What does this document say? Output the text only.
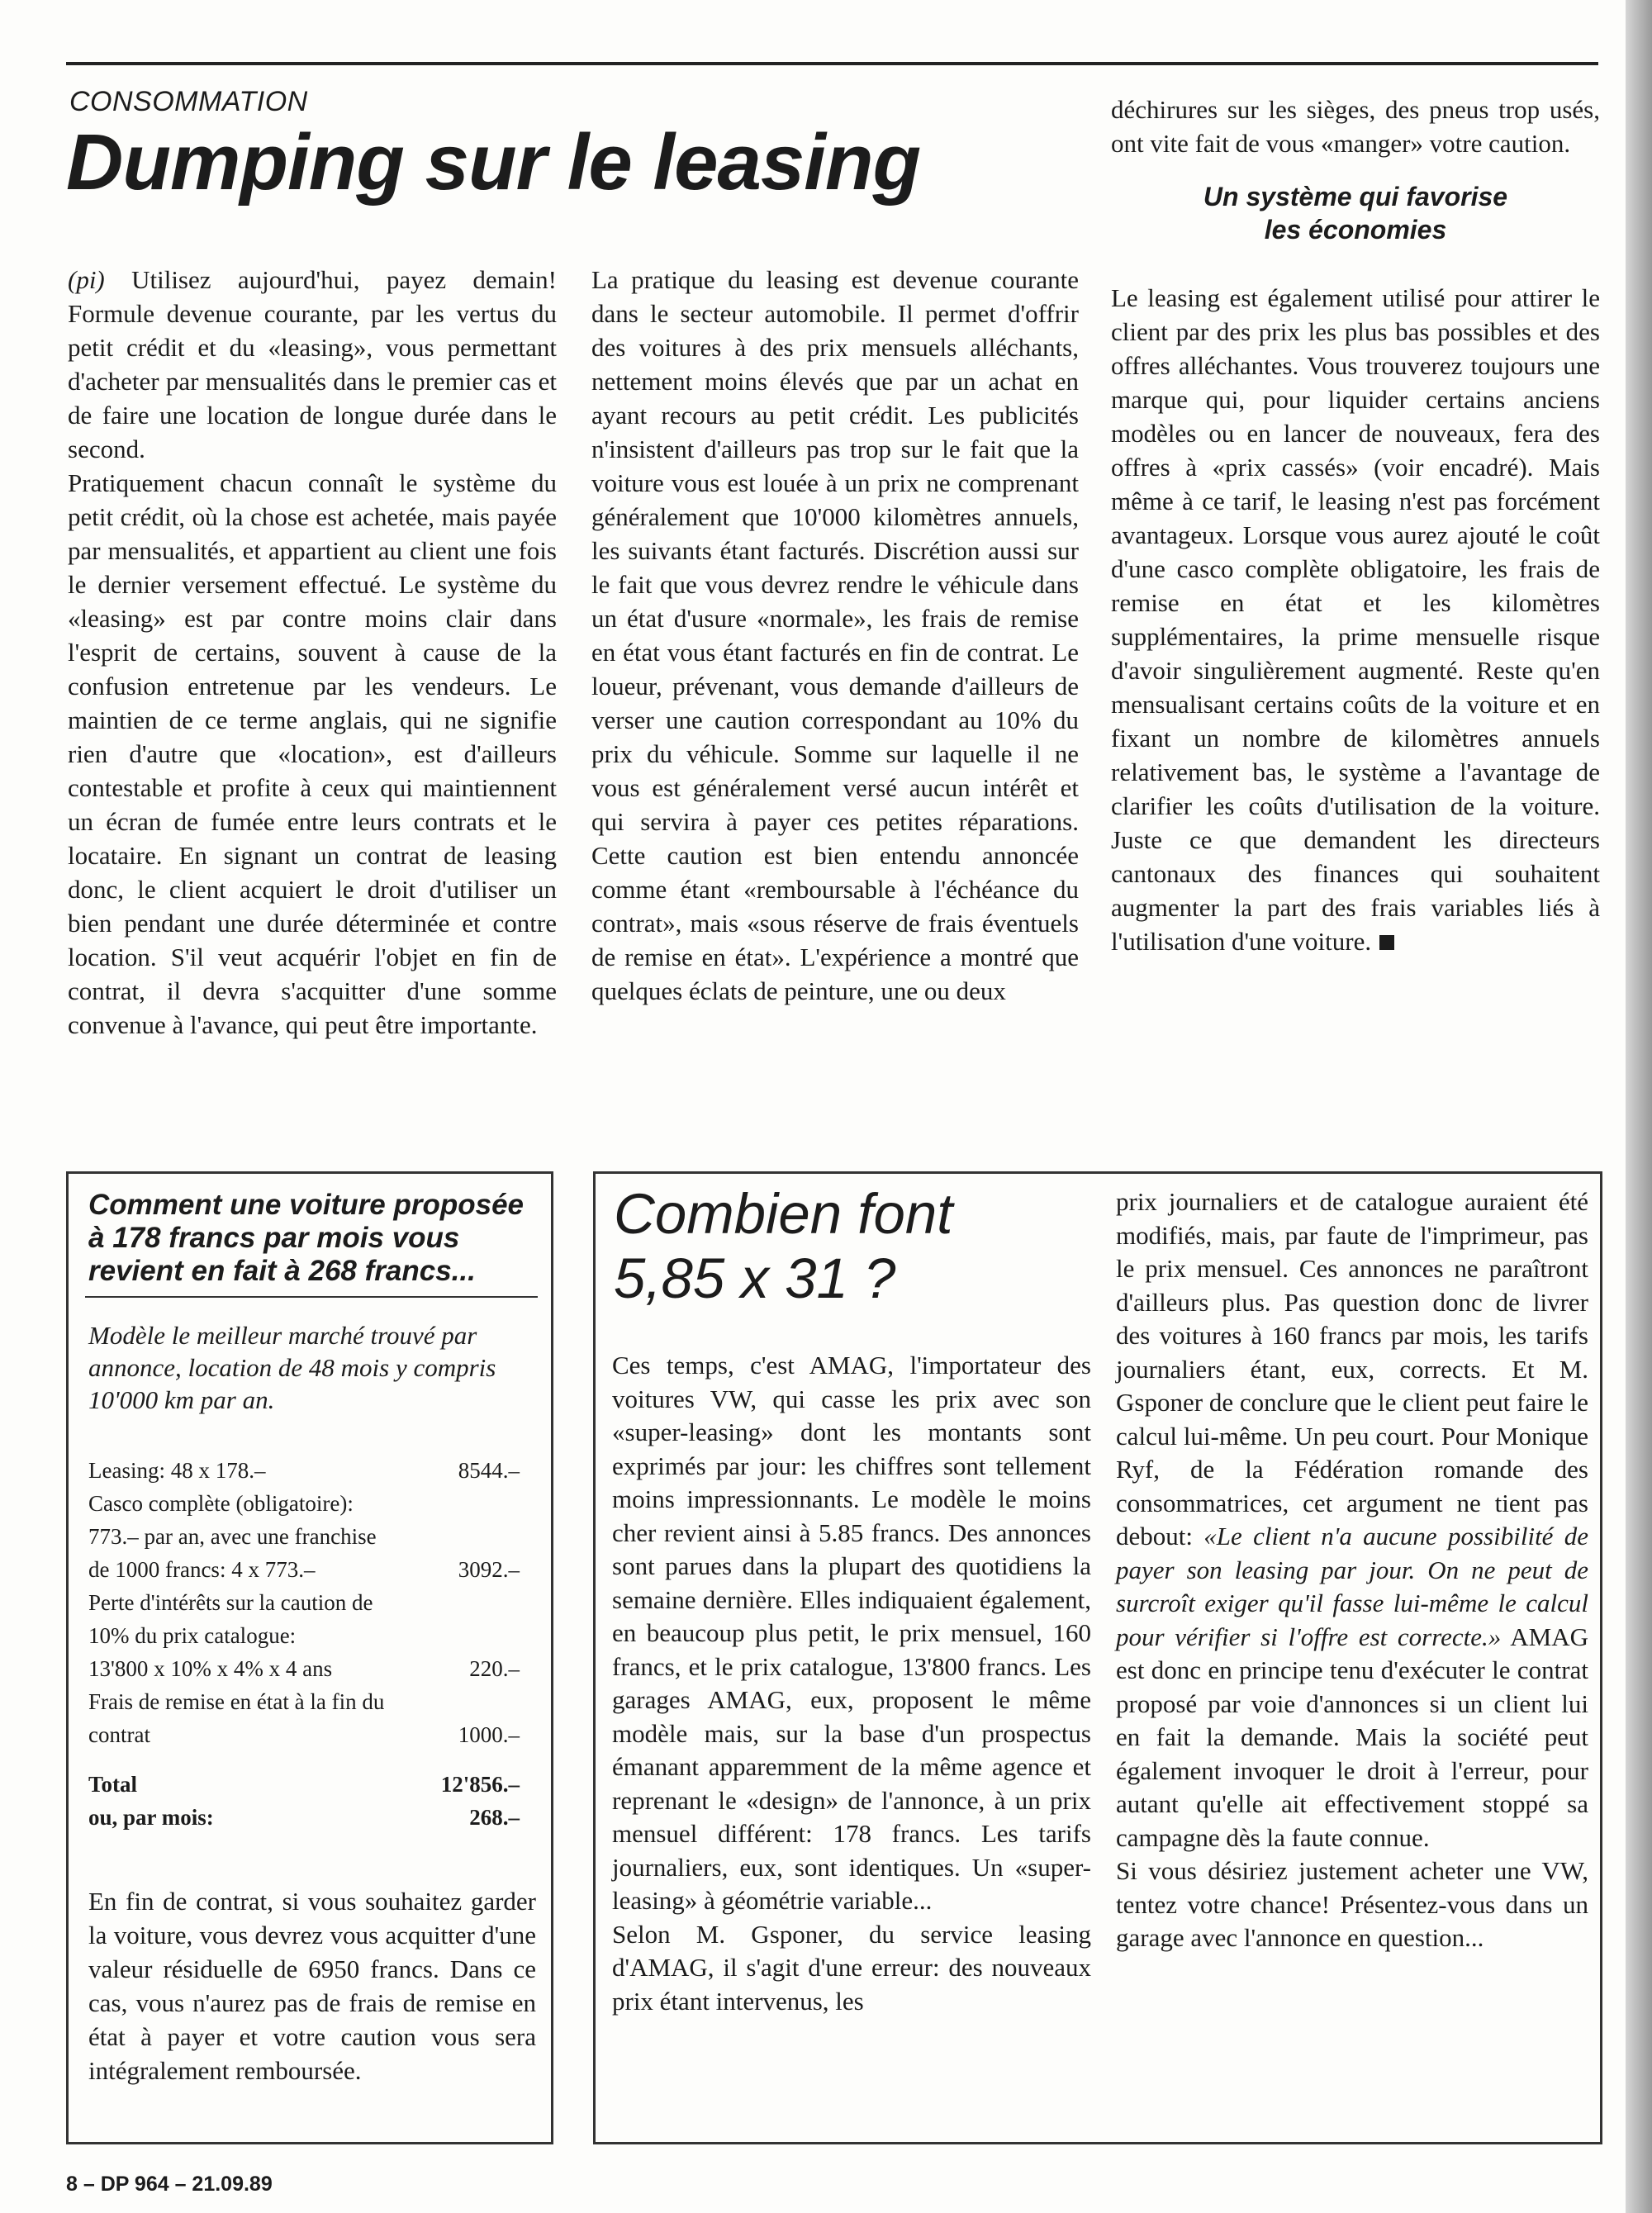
CONSOMMATION
Dumping sur le leasing

(pi) Utilisez aujourd'hui, payez demain! Formule devenue courante, par les vertus du petit crédit et du «leasing», vous permettant d'acheter par mensualités dans le premier cas et de faire une location de longue durée dans le second.

Pratiquement chacun connaît le système du petit crédit, où la chose est achetée, mais payée par mensualités, et appartient au client une fois le dernier versement effectué. Le système du «leasing» est par contre moins clair dans l'esprit de certains, souvent à cause de la confusion entretenue par les vendeurs. Le maintien de ce terme anglais, qui ne signifie rien d'autre que «location», est d'ailleurs contestable et profite à ceux qui maintiennent un écran de fumée entre leurs contrats et le locataire. En signant un contrat de leasing donc, le client acquiert le droit d'utiliser un bien pendant une durée déterminée et contre location. S'il veut acquérir l'objet en fin de contrat, il devra s'acquitter d'une somme convenue à l'avance, qui peut être importante.

La pratique du leasing est devenue courante dans le secteur automobile. Il permet d'offrir des voitures à des prix mensuels alléchants, nettement moins élevés que par un achat en ayant recours au petit crédit. Les publicités n'insistent d'ailleurs pas trop sur le fait que la voiture vous est louée à un prix ne comprenant généralement que 10'000 kilomètres annuels, les suivants étant facturés. Discrétion aussi sur le fait que vous devrez rendre le véhicule dans un état d'usure «normale», les frais de remise en état vous étant facturés en fin de contrat. Le loueur, prévenant, vous demande d'ailleurs de verser une caution correspondant au 10% du prix du véhicule. Somme sur laquelle il ne vous est généralement versé aucun intérêt et qui servira à payer ces petites réparations. Cette caution est bien entendu annoncée comme étant «remboursable à l'échéance du contrat», mais «sous réserve de frais éventuels de remise en état». L'expérience a montré que quelques éclats de peinture, une ou deux

déchirures sur les sièges, des pneus trop usés, ont vite fait de vous «manger» votre caution.

Un système qui favorise
les économies

Le leasing est également utilisé pour attirer le client par des prix les plus bas possibles et des offres alléchantes. Vous trouverez toujours une marque qui, pour liquider certains anciens modèles ou en lancer de nouveaux, fera des offres à «prix cassés» (voir encadré). Mais même à ce tarif, le leasing n'est pas forcément avantageux. Lorsque vous aurez ajouté le coût d'une casco complète obligatoire, les frais de remise en état et les kilomètres supplémentaires, la prime mensuelle risque d'avoir singulièrement augmenté. Reste qu'en mensualisant certains coûts de la voiture et en fixant un nombre de kilomètres annuels relativement bas, le système a l'avantage de clarifier les coûts d'utilisation de la voiture. Juste ce que demandent les directeurs cantonaux des finances qui souhaitent augmenter la part des frais variables liés à l'utilisation d'une voiture.

Comment une voiture proposée à 178 francs par mois vous revient en fait à 268 francs...
Modèle le meilleur marché trouvé par annonce, location de 48 mois y compris 10'000 km par an.
Leasing: 48 x 178.–	8544.–
Casco complète (obligatoire):
773.– par an, avec une franchise
de 1000 francs: 4 x 773.–	3092.–
Perte d'intérêts sur la caution de
10% du prix catalogue:
13'800 x 10% x 4% x 4 ans	220.–
Frais de remise en état à la fin du
contrat	1000.–
Total	12'856.–
ou, par mois:	268.–
En fin de contrat, si vous souhaitez garder la voiture, vous devrez vous acquitter d'une valeur résiduelle de 6950 francs. Dans ce cas, vous n'aurez pas de frais de remise en état à payer et votre caution vous sera intégralement remboursée.
Combien font
5,85 x 31 ?

Ces temps, c'est AMAG, l'importateur des voitures VW, qui casse les prix avec son «super-leasing» dont les montants sont exprimés par jour: les chiffres sont tellement moins impressionnants. Le modèle le moins cher revient ainsi à 5.85 francs. Des annonces sont parues dans la plupart des quotidiens la semaine dernière. Elles indiquaient également, en beaucoup plus petit, le prix mensuel, 160 francs, et le prix catalogue, 13'800 francs. Les garages AMAG, eux, proposent le même modèle mais, sur la base d'un prospectus émanant apparemment de la même agence et reprenant le «design» de l'annonce, à un prix mensuel différent: 178 francs. Les tarifs journaliers, eux, sont identiques. Un «super-leasing» à géométrie variable...

Selon M. Gsponer, du service leasing d'AMAG, il s'agit d'une erreur: des nouveaux prix étant intervenus, les

prix journaliers et de catalogue auraient été modifiés, mais, par faute de l'imprimeur, pas le prix mensuel. Ces annonces ne paraîtront d'ailleurs plus. Pas question donc de livrer des voitures à 160 francs par mois, les tarifs journaliers étant, eux, corrects. Et M. Gsponer de conclure que le client peut faire le calcul lui-même. Un peu court. Pour Monique Ryf, de la Fédération romande des consommatrices, cet argument ne tient pas debout: «Le client n'a aucune possibilité de payer son leasing par jour. On ne peut de surcroît exiger qu'il fasse lui-même le calcul pour vérifier si l'offre est correcte.» AMAG est donc en principe tenu d'exécuter le contrat proposé par voie d'annonces si un client lui en fait la demande. Mais la société peut également invoquer le droit à l'erreur, pour autant qu'elle ait effectivement stoppé sa campagne dès la faute connue.

Si vous désiriez justement acheter une VW, tentez votre chance! Présentez-vous dans un garage avec l'annonce en question...

8 – DP 964 – 21.09.89
